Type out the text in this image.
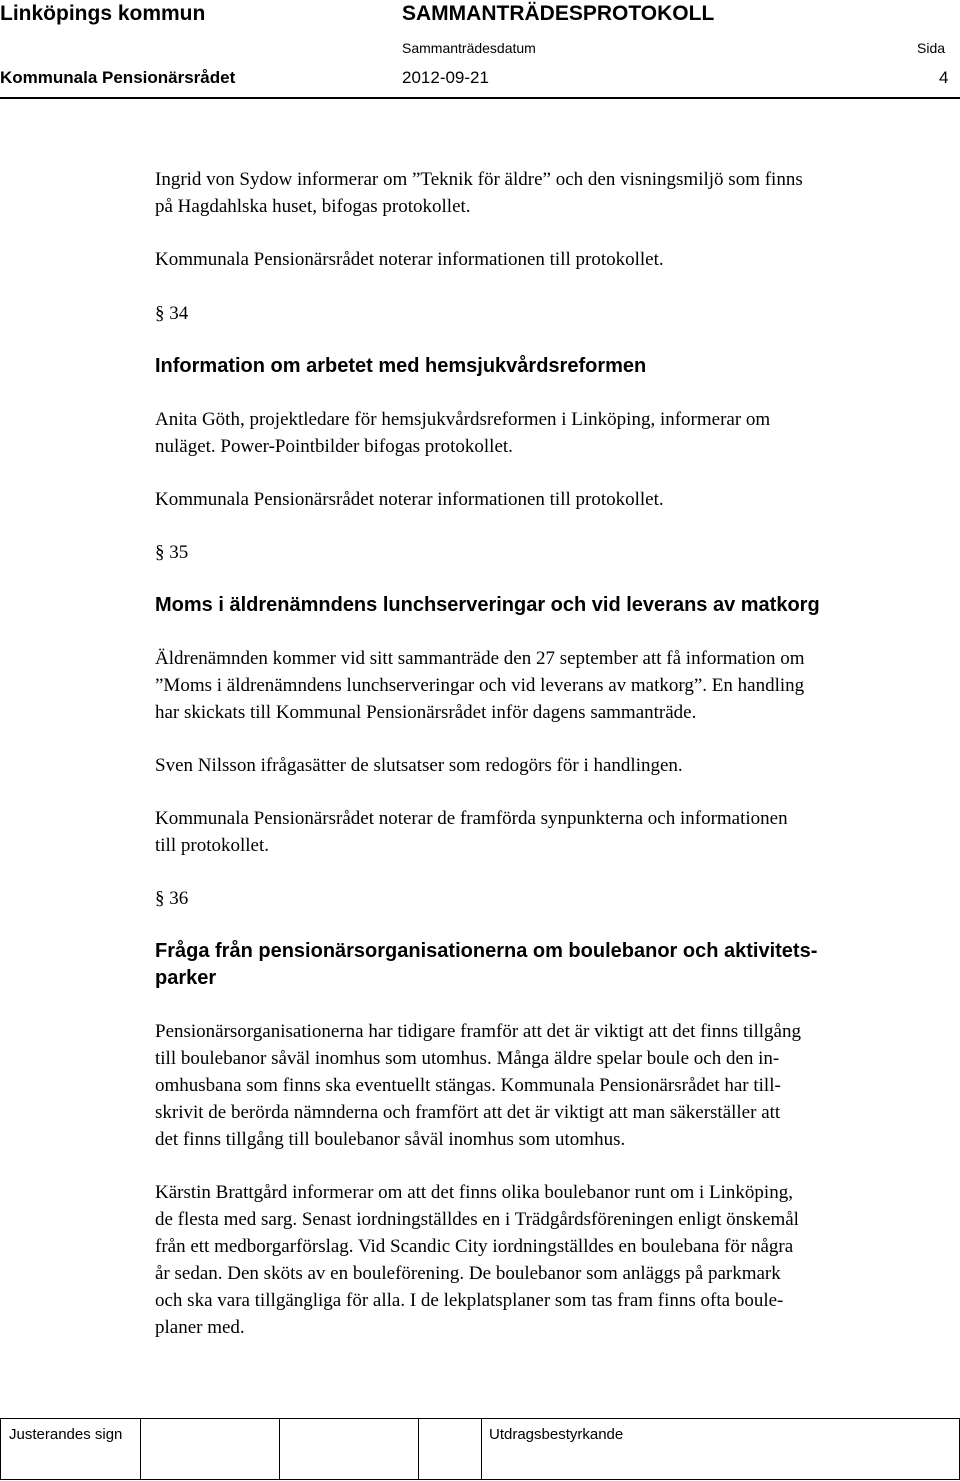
Linköpings kommun	SAMMANTRÄDESPROTOKOLL
Sammanträdesdatum	Sida
Kommunala Pensionärsrådet	2012-09-21	4

Ingrid von Sydow informerar om ”Teknik för äldre” och den visningsmiljö som finns
på Hagdahlska huset, bifogas protokollet.

Kommunala Pensionärsrådet noterar informationen till protokollet.

§ 34

Information om arbetet med hemsjukvårdsreformen

Anita Göth, projektledare för hemsjukvårdsreformen i Linköping, informerar om
nuläget. Power-Pointbilder bifogas protokollet.

Kommunala Pensionärsrådet noterar informationen till protokollet.

§ 35

Moms i äldrenämndens lunchserveringar och vid leverans av matkorg

Äldrenämnden kommer vid sitt sammanträde den 27 september att få information om
”Moms i äldrenämndens lunchserveringar och vid leverans av matkorg”. En handling
har skickats till Kommunal Pensionärsrådet inför dagens sammanträde.

Sven Nilsson ifrågasätter de slutsatser som redogörs för i handlingen.

Kommunala Pensionärsrådet noterar de framförda synpunkterna och informationen
till protokollet.

§ 36

Fråga från pensionärsorganisationerna om boulebanor och aktivitets-
parker

Pensionärsorganisationerna har tidigare framför att det är viktigt att det finns tillgång
till boulebanor såväl inomhus som utomhus. Många äldre spelar boule och den in-
omhusbana som finns ska eventuellt stängas. Kommunala Pensionärsrådet har till-
skrivit de berörda nämnderna och framfört att det är viktigt att man säkerställer att
det finns tillgång till boulebanor såväl inomhus som utomhus.

Kärstin Brattgård informerar om att det finns olika boulebanor runt om i Linköping,
de flesta med sarg. Senast iordningställdes en i Trädgårdsföreningen enligt önskemål
från ett medborgarförslag. Vid Scandic City iordningställdes en boulebana för några
år sedan. Den sköts av en bouleförening. De boulebanor som anläggs på parkmark
och ska vara tillgängliga för alla. I de lekplatsplaner som tas fram finns ofta boule-
planer med.

Justerandes sign	Utdragsbestyrkande
